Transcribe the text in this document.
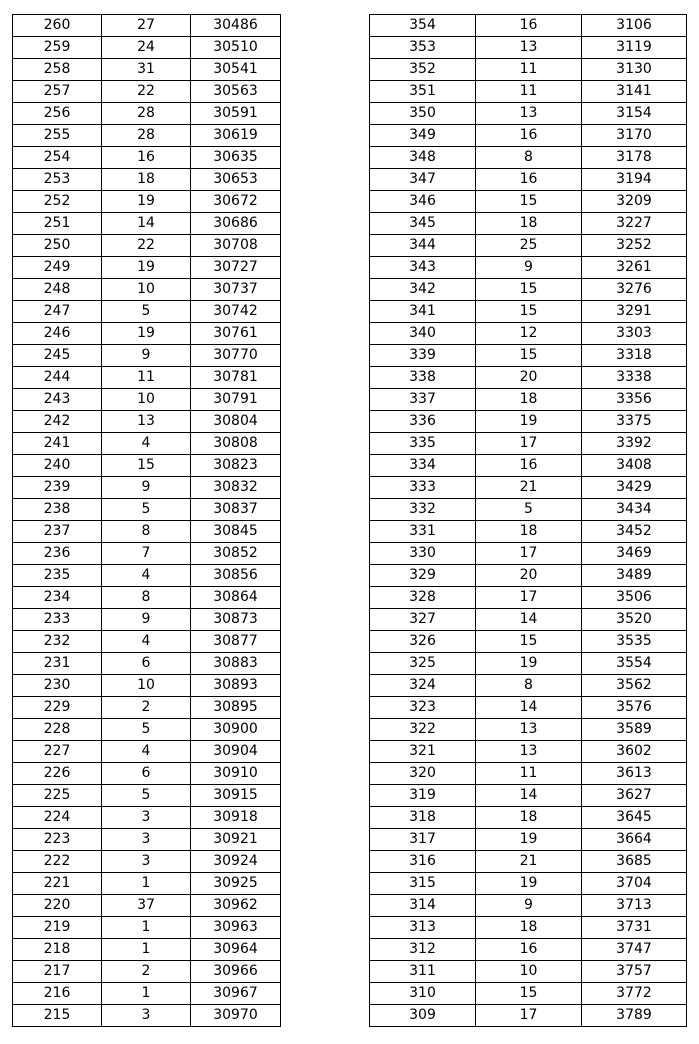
260	27	30486
259	24	30510
258	31	30541
257	22	30563
256	28	30591
255	28	30619
254	16	30635
253	18	30653
252	19	30672
251	14	30686
250	22	30708
249	19	30727
248	10	30737
247	5	30742
246	19	30761
245	9	30770
244	11	30781
243	10	30791
242	13	30804
241	4	30808
240	15	30823
239	9	30832
238	5	30837
237	8	30845
236	7	30852
235	4	30856
234	8	30864
233	9	30873
232	4	30877
231	6	30883
230	10	30893
229	2	30895
228	5	30900
227	4	30904
226	6	30910
225	5	30915
224	3	30918
223	3	30921
222	3	30924
221	1	30925
220	37	30962
219	1	30963
218	1	30964
217	2	30966
216	1	30967
215	3	30970
354	16	3106
353	13	3119
352	11	3130
351	11	3141
350	13	3154
349	16	3170
348	8	3178
347	16	3194
346	15	3209
345	18	3227
344	25	3252
343	9	3261
342	15	3276
341	15	3291
340	12	3303
339	15	3318
338	20	3338
337	18	3356
336	19	3375
335	17	3392
334	16	3408
333	21	3429
332	5	3434
331	18	3452
330	17	3469
329	20	3489
328	17	3506
327	14	3520
326	15	3535
325	19	3554
324	8	3562
323	14	3576
322	13	3589
321	13	3602
320	11	3613
319	14	3627
318	18	3645
317	19	3664
316	21	3685
315	19	3704
314	9	3713
313	18	3731
312	16	3747
311	10	3757
310	15	3772
309	17	3789
